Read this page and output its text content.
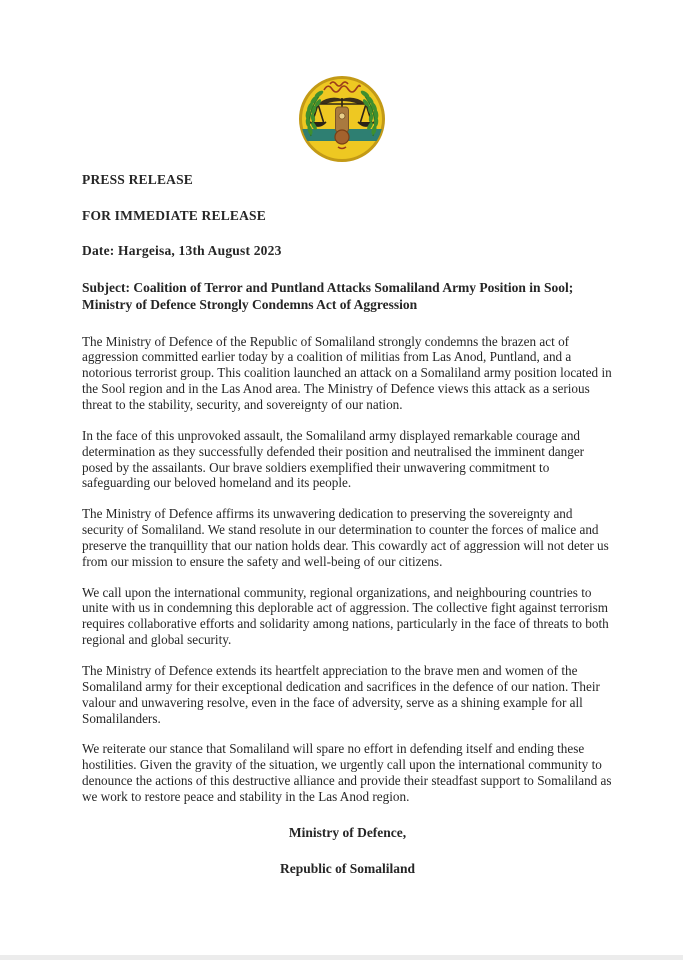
PRESS RELEASE

FOR IMMEDIATE RELEASE

Date: Hargeisa, 13th August 2023

Subject: Coalition of Terror and Puntland Attacks Somaliland Army Position in Sool; Ministry of Defence Strongly Condemns Act of Aggression

The Ministry of Defence of the Republic of Somaliland strongly condemns the brazen act of aggression committed earlier today by a coalition of militias from Las Anod, Puntland, and a notorious terrorist group. This coalition launched an attack on a Somaliland army position located in the Sool region and in the Las Anod area. The Ministry of Defence views this attack as a serious threat to the stability, security, and sovereignty of our nation.

In the face of this unprovoked assault, the Somaliland army displayed remarkable courage and determination as they successfully defended their position and neutralised the imminent danger posed by the assailants. Our brave soldiers exemplified their unwavering commitment to safeguarding our beloved homeland and its people.

The Ministry of Defence affirms its unwavering dedication to preserving the sovereignty and security of Somaliland. We stand resolute in our determination to counter the forces of malice and preserve the tranquillity that our nation holds dear. This cowardly act of aggression will not deter us from our mission to ensure the safety and well-being of our citizens.

We call upon the international community, regional organizations, and neighbouring countries to unite with us in condemning this deplorable act of aggression. The collective fight against terrorism requires collaborative efforts and solidarity among nations, particularly in the face of threats to both regional and global security.

The Ministry of Defence extends its heartfelt appreciation to the brave men and women of the Somaliland army for their exceptional dedication and sacrifices in the defence of our nation. Their valour and unwavering resolve, even in the face of adversity, serve as a shining example for all Somalilanders.

We reiterate our stance that Somaliland will spare no effort in defending itself and ending these hostilities. Given the gravity of the situation, we urgently call upon the international community to denounce the actions of this destructive alliance and provide their steadfast support to Somaliland as we work to restore peace and stability in the Las Anod region.

Ministry of Defence,

Republic of Somaliland
